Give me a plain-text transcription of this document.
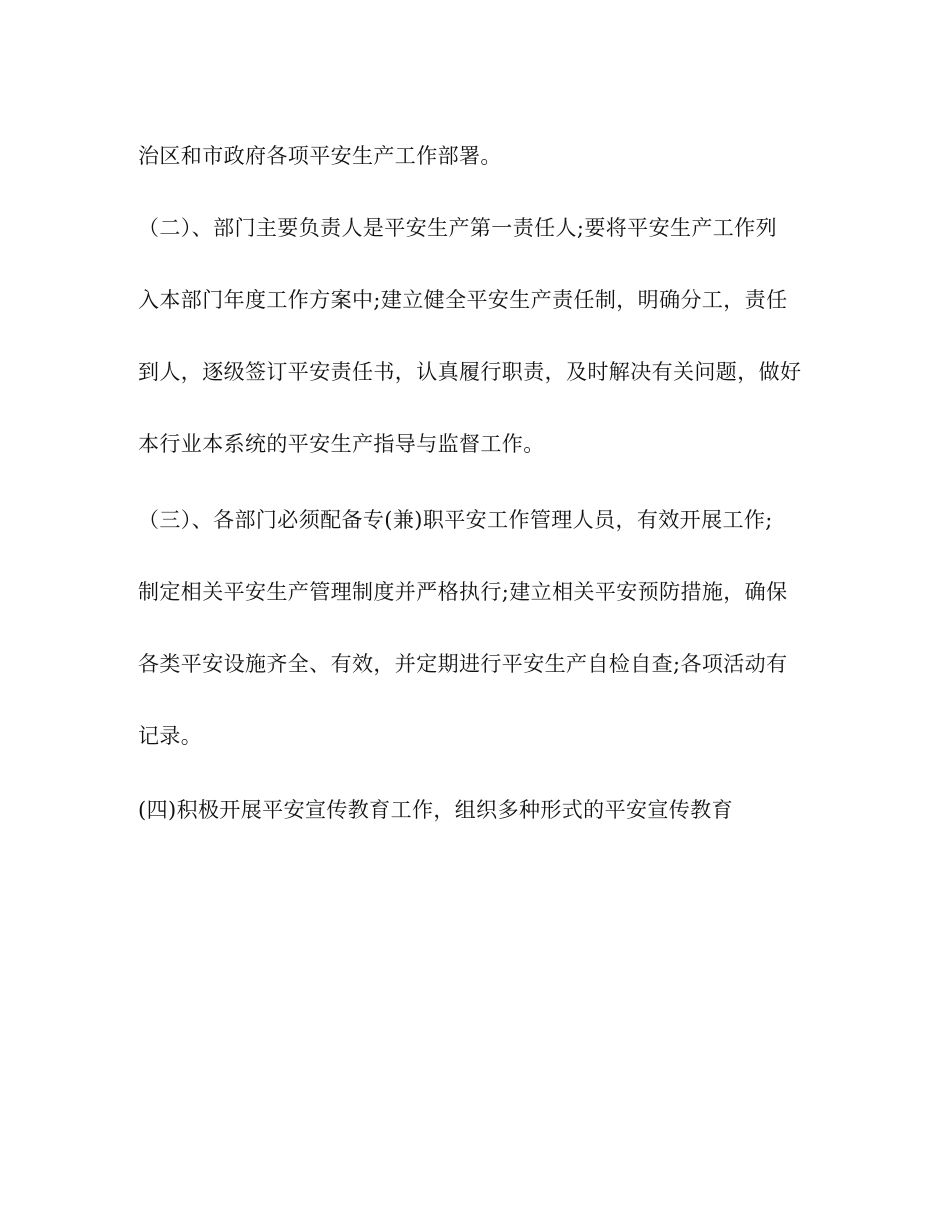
治区和市政府各项平安生产工作部署。
（二）、部门主要负责人是平安生产第一责任人;要将平安生产工作列
入本部门年度工作方案中;建立健全平安生产责任制，明确分工，责任
到人，逐级签订平安责任书，认真履行职责，及时解决有关问题，做好
本行业本系统的平安生产指导与监督工作。
（三）、各部门必须配备专(兼)职平安工作管理人员，有效开展工作;
制定相关平安生产管理制度并严格执行;建立相关平安预防措施，确保
各类平安设施齐全、有效，并定期进行平安生产自检自查;各项活动有
记录。
(四)积极开展平安宣传教育工作，组织多种形式的平安宣传教育
